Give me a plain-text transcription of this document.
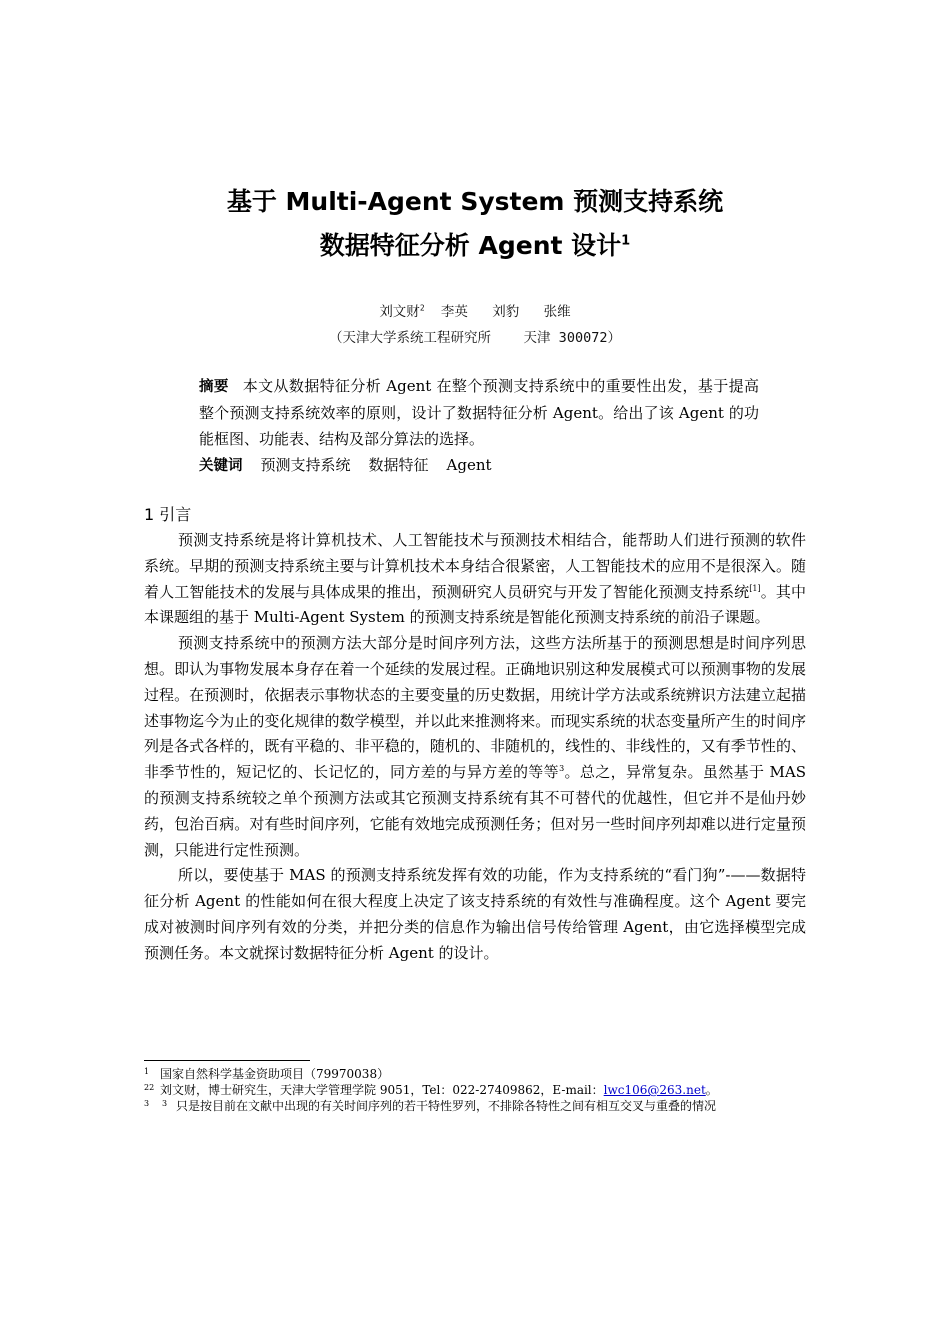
基于 Multi-Agent System 预测支持系统
数据特征分析 Agent 设计$^1$
刘文财$^2$  李英   刘豹   张维
（天津大学系统工程研究所    天津 300072）
摘要 本文从数据特征分析 Agent 在整个预测支持系统中的重要性出发，基于提高整个预测支持系统效率的原则，设计了数据特征分析 Agent。给出了该 Agent 的功能框图、功能表、结构及部分算法的选择。
关键词 预测支持系统 数据特征 Agent
1 引言

预测支持系统是将计算机技术、人工智能技术与预测技术相结合，能帮助人们进行预测的软件系统。早期的预测支持系统主要与计算机技术本身结合很紧密，人工智能技术的应用不是很深入。随着人工智能技术的发展与具体成果的推出，预测研究人员研究与开发了智能化预测支持系统[1]。其中本课题组的基于 Multi-Agent System 的预测支持系统是智能化预测支持系统的前沿子课题。

预测支持系统中的预测方法大部分是时间序列方法，这些方法所基于的预测思想是时间序列思想。即认为事物发展本身存在着一个延续的发展过程。正确地识别这种发展模式可以预测事物的发展过程。在预测时，依据表示事物状态的主要变量的历史数据，用统计学方法或系统辨识方法建立起描述事物迄今为止的变化规律的数学模型，并以此来推测将来。而现实系统的状态变量所产生的时间序列是各式各样的，既有平稳的、非平稳的，随机的、非随机的，线性的、非线性的，又有季节性的、非季节性的，短记忆的、长记忆的，同方差的与异方差的等等$^3$。总之，异常复杂。虽然基于 MAS 的预测支持系统较之单个预测方法或其它预测支持系统有其不可替代的优越性，但它并不是仙丹妙药，包治百病。对有些时间序列，它能有效地完成预测任务；但对另一些时间序列却难以进行定量预测，只能进行定性预测。

所以，要使基于 MAS 的预测支持系统发挥有效的功能，作为支持系统的“看门狗”-——数据特征分析 Agent 的性能如何在很大程度上决定了该支持系统的有效性与准确程度。这个 Agent 要完成对被测时间序列有效的分类，并把分类的信息作为输出信号传给管理 Agent，由它选择模型完成预测任务。本文就探讨数据特征分析 Agent 的设计。

1 国家自然科学基金资助项目（79970038）
22 刘文财，博士研究生，天津大学管理学院 9051，Tel：022-27409862，E-mail：lwc106@263.net。
3 3 只是按目前在文献中出现的有关时间序列的若干特性罗列，不排除各特性之间有相互交叉与重叠的情况
